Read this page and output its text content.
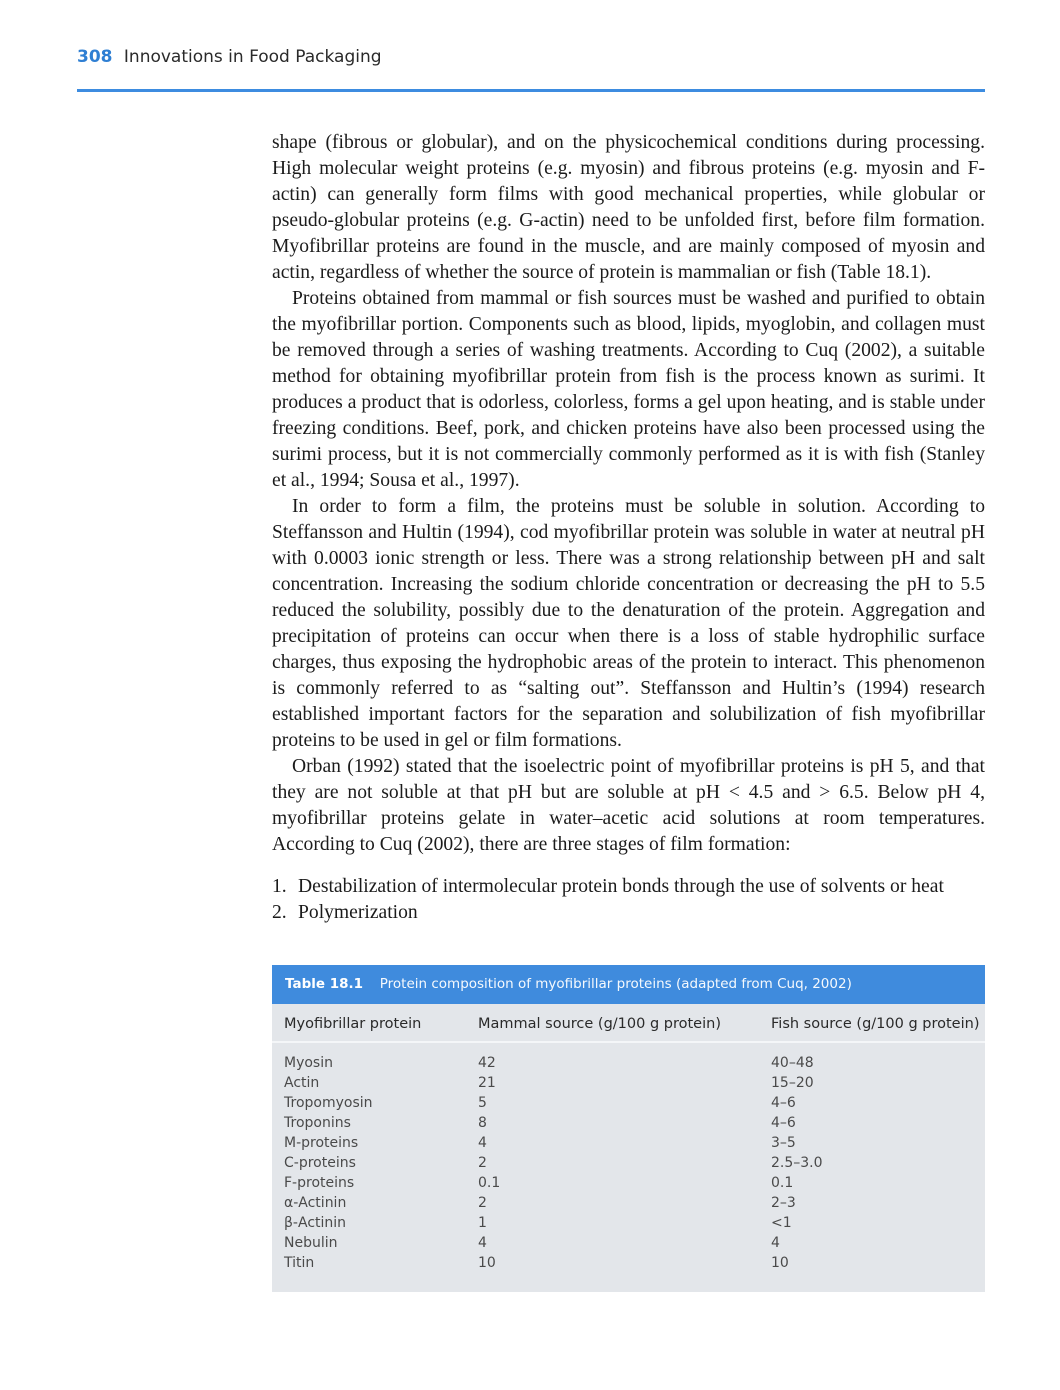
308 Innovations in Food Packaging

shape (fibrous or globular), and on the physicochemical conditions during processing. High molecular weight proteins (e.g. myosin) and fibrous proteins (e.g. myosin and F-actin) can generally form films with good mechanical properties, while globular or pseudo-globular proteins (e.g. G-actin) need to be unfolded first, before film formation. Myofibrillar proteins are found in the muscle, and are mainly composed of myosin and actin, regardless of whether the source of protein is mammalian or fish (Table 18.1).

Proteins obtained from mammal or fish sources must be washed and purified to obtain the myofibrillar portion. Components such as blood, lipids, myoglobin, and collagen must be removed through a series of washing treatments. According to Cuq (2002), a suitable method for obtaining myofibrillar protein from fish is the process known as surimi. It produces a product that is odorless, colorless, forms a gel upon heating, and is stable under freezing conditions. Beef, pork, and chicken proteins have also been processed using the surimi process, but it is not commercially commonly performed as it is with fish (Stanley et al., 1994; Sousa et al., 1997).

In order to form a film, the proteins must be soluble in solution. According to Steffansson and Hultin (1994), cod myofibrillar protein was soluble in water at neutral pH with 0.0003 ionic strength or less. There was a strong relationship between pH and salt concentration. Increasing the sodium chloride concentration or decreasing the pH to 5.5 reduced the solubility, possibly due to the denaturation of the protein. Aggregation and precipitation of proteins can occur when there is a loss of stable hydrophilic surface charges, thus exposing the hydrophobic areas of the protein to interact. This phenomenon is commonly referred to as “salting out”. Steffansson and Hultin’s (1994) research established important factors for the separation and solubilization of fish myofibrillar proteins to be used in gel or film formations.

Orban (1992) stated that the isoelectric point of myofibrillar proteins is pH 5, and that they are not soluble at that pH but are soluble at pH < 4.5 and > 6.5. Below pH 4, myofibrillar proteins gelate in water–acetic acid solutions at room temperatures. According to Cuq (2002), there are three stages of film formation:

1. Destabilization of intermolecular protein bonds through the use of solvents or heat
2. Polymerization
Table 18.1 Protein composition of myofibrillar proteins (adapted from Cuq, 2002)
Myofibrillar protein	Mammal source (g/100 g protein)	Fish source (g/100 g protein)
Myosin	42	40–48
Actin	21	15–20
Tropomyosin	5	4–6
Troponins	8	4–6
M-proteins	4	3–5
C-proteins	2	2.5–3.0
F-proteins	0.1	0.1
α-Actinin	2	2–3
β-Actinin	1	<1
Nebulin	4	4
Titin	10	10
